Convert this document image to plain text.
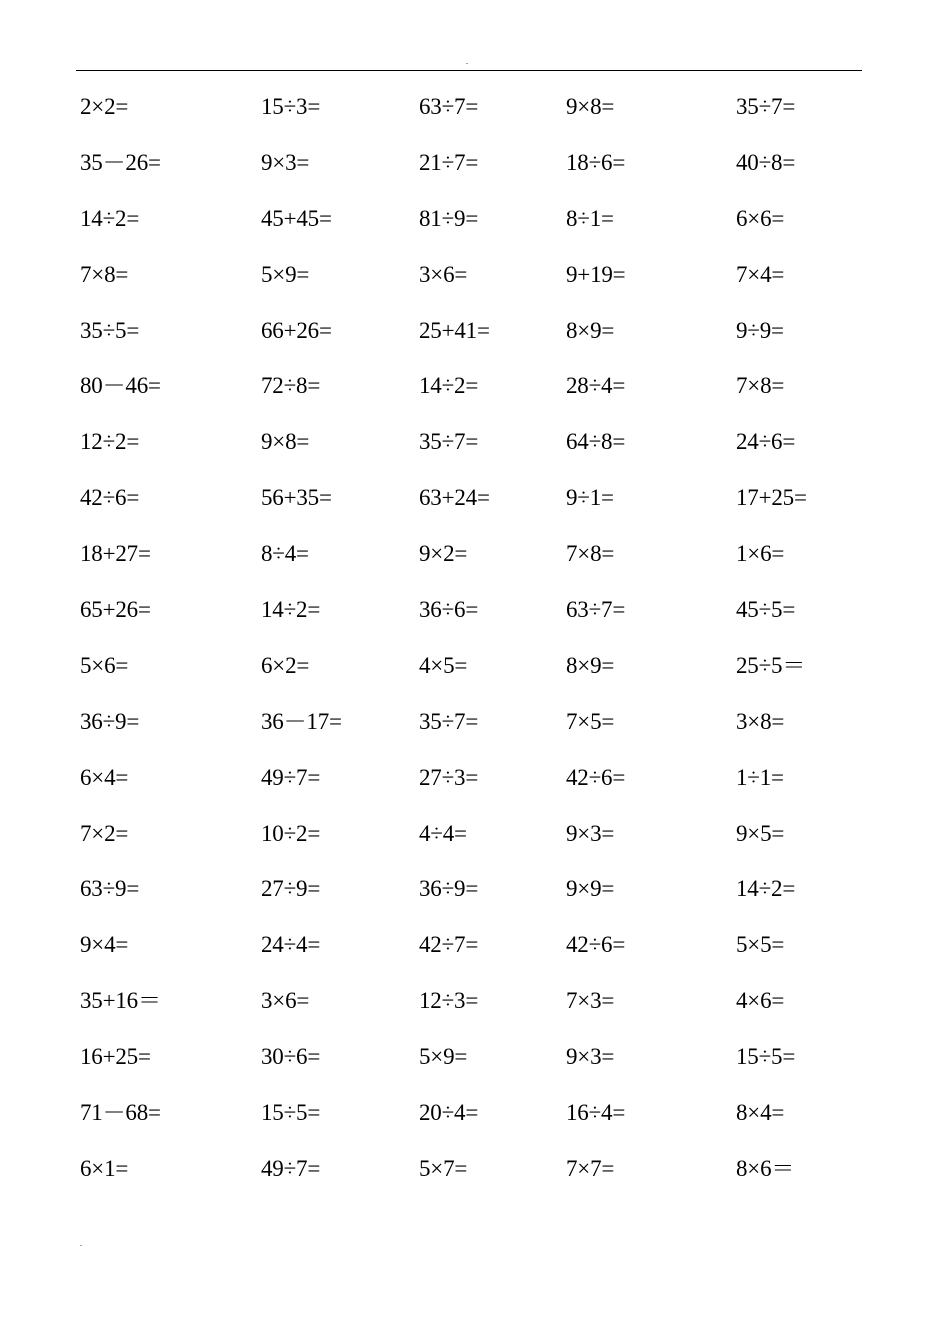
.
2×2=	15÷3=	63÷7=	9×8=	35÷7=
35－26=	9×3=	21÷7=	18÷6=	40÷8=
14÷2=	45+45=	81÷9=	8÷1=	6×6=
7×8=	5×9=	3×6=	9+19=	7×4=
35÷5=	66+26=	25+41=	8×9=	9÷9=
80－46=	72÷8=	14÷2=	28÷4=	7×8=
12÷2=	9×8=	35÷7=	64÷8=	24÷6=
42÷6=	56+35=	63+24=	9÷1=	17+25=
18+27=	8÷4=	9×2=	7×8=	1×6=
65+26=	14÷2=	36÷6=	63÷7=	45÷5=
5×6=	6×2=	4×5=	8×9=	25÷5＝
36÷9=	36－17=	35÷7=	7×5=	3×8=
6×4=	49÷7=	27÷3=	42÷6=	1÷1=
7×2=	10÷2=	4÷4=	9×3=	9×5=
63÷9=	27÷9=	36÷9=	9×9=	14÷2=
9×4=	24÷4=	42÷7=	42÷6=	5×5=
35+16＝	3×6=	12÷3=	7×3=	4×6=
16+25=	30÷6=	5×9=	9×3=	15÷5=
71－68=	15÷5=	20÷4=	16÷4=	8×4=
6×1=	49÷7=	5×7=	7×7=	8×6＝
.
